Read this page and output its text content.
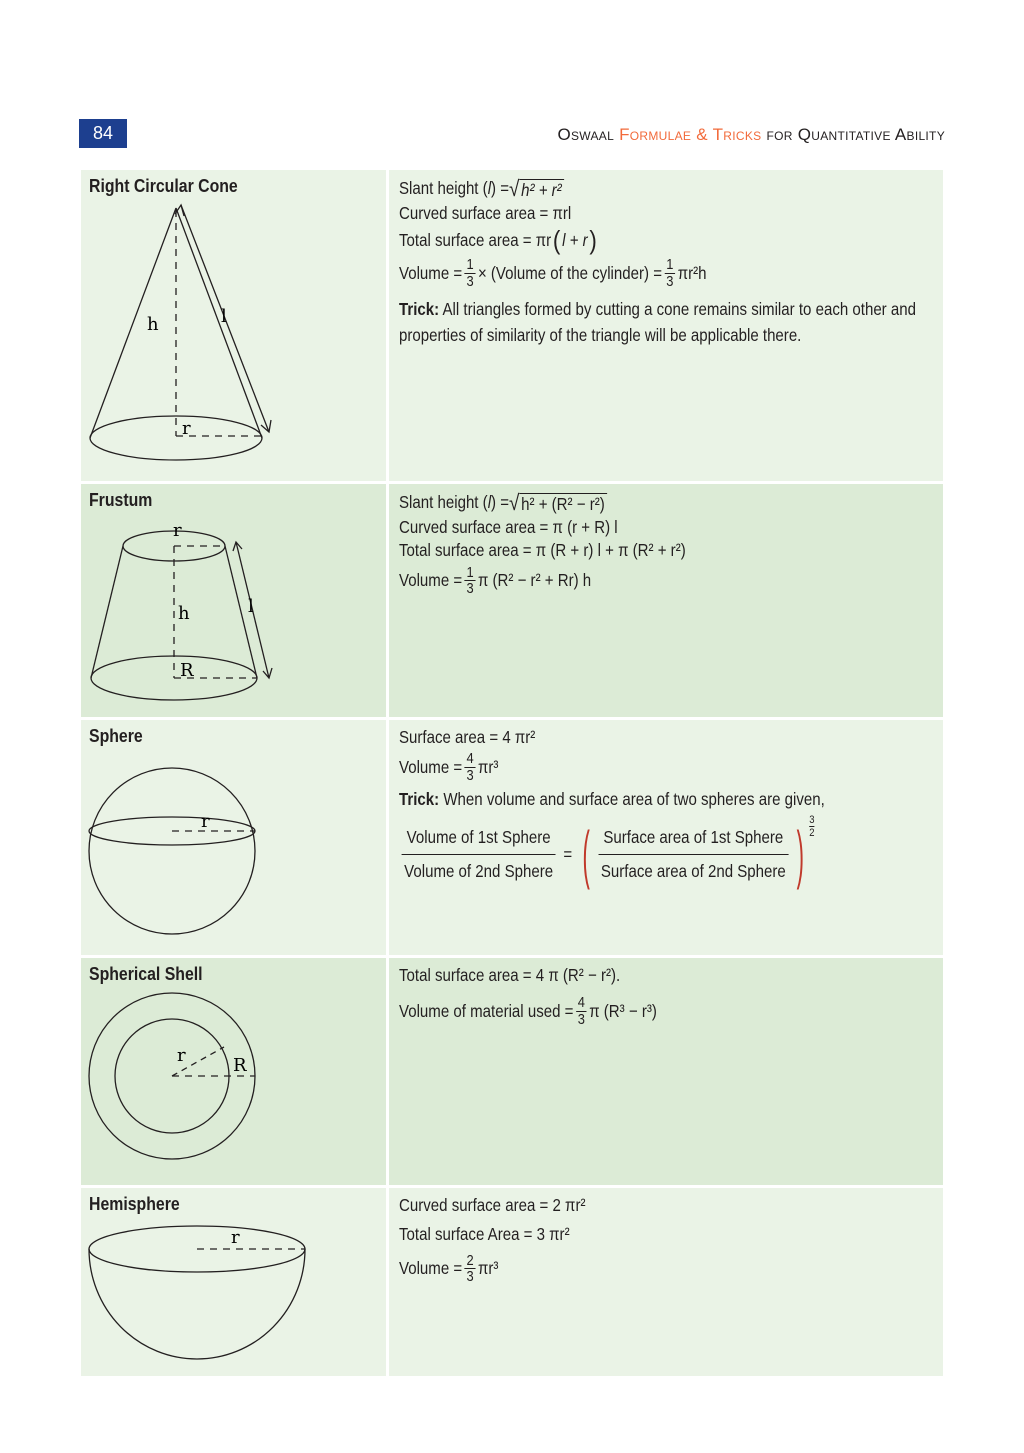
84	Oswaal Formulae & Tricks for Quantitative Ability
Right Circular Cone
h	l
r
Slant height ( l ) = √ h² + r²
Curved surface area = πrl
Total surface area = πr ( l + r )
Volume = $\frac{1}{3}$ × (Volume of the cylinder) = $\frac{1}{3} \pi r^2h$
Trick: All triangles formed by cutting a cone remains similar to each other and properties of similarity of the triangle will be applicable there.
Frustum
r
h	l
R
Slant height ( l ) = √ h² + (R² − r²)
Curved surface area = π (r + R) l
Total surface area = π (R + r) l + π (R² + r²)
Volume = $\frac{1}{3}$ π (R² − r² + Rr) h
Sphere
r
Surface area = 4 πr²
Volume = $\frac{4}{3} \pi r^3$
Trick: When volume and surface area of two spheres are given,
Volume of 1st Sphere
Volume of 2nd Sphere
= ( Surface area of 1st Sphere
Surface area of 2nd Sphere ) 3
2
Spherical Shell
r	R
Total surface area = 4 π (R² − r²).
Volume of material used = $\frac{4}{3}$ π (R³ − r³)
Hemisphere
r
Curved surface area = 2 πr²
Total surface Area = 3 πr²
Volume = $\frac{2}{3} \pi r^3$
